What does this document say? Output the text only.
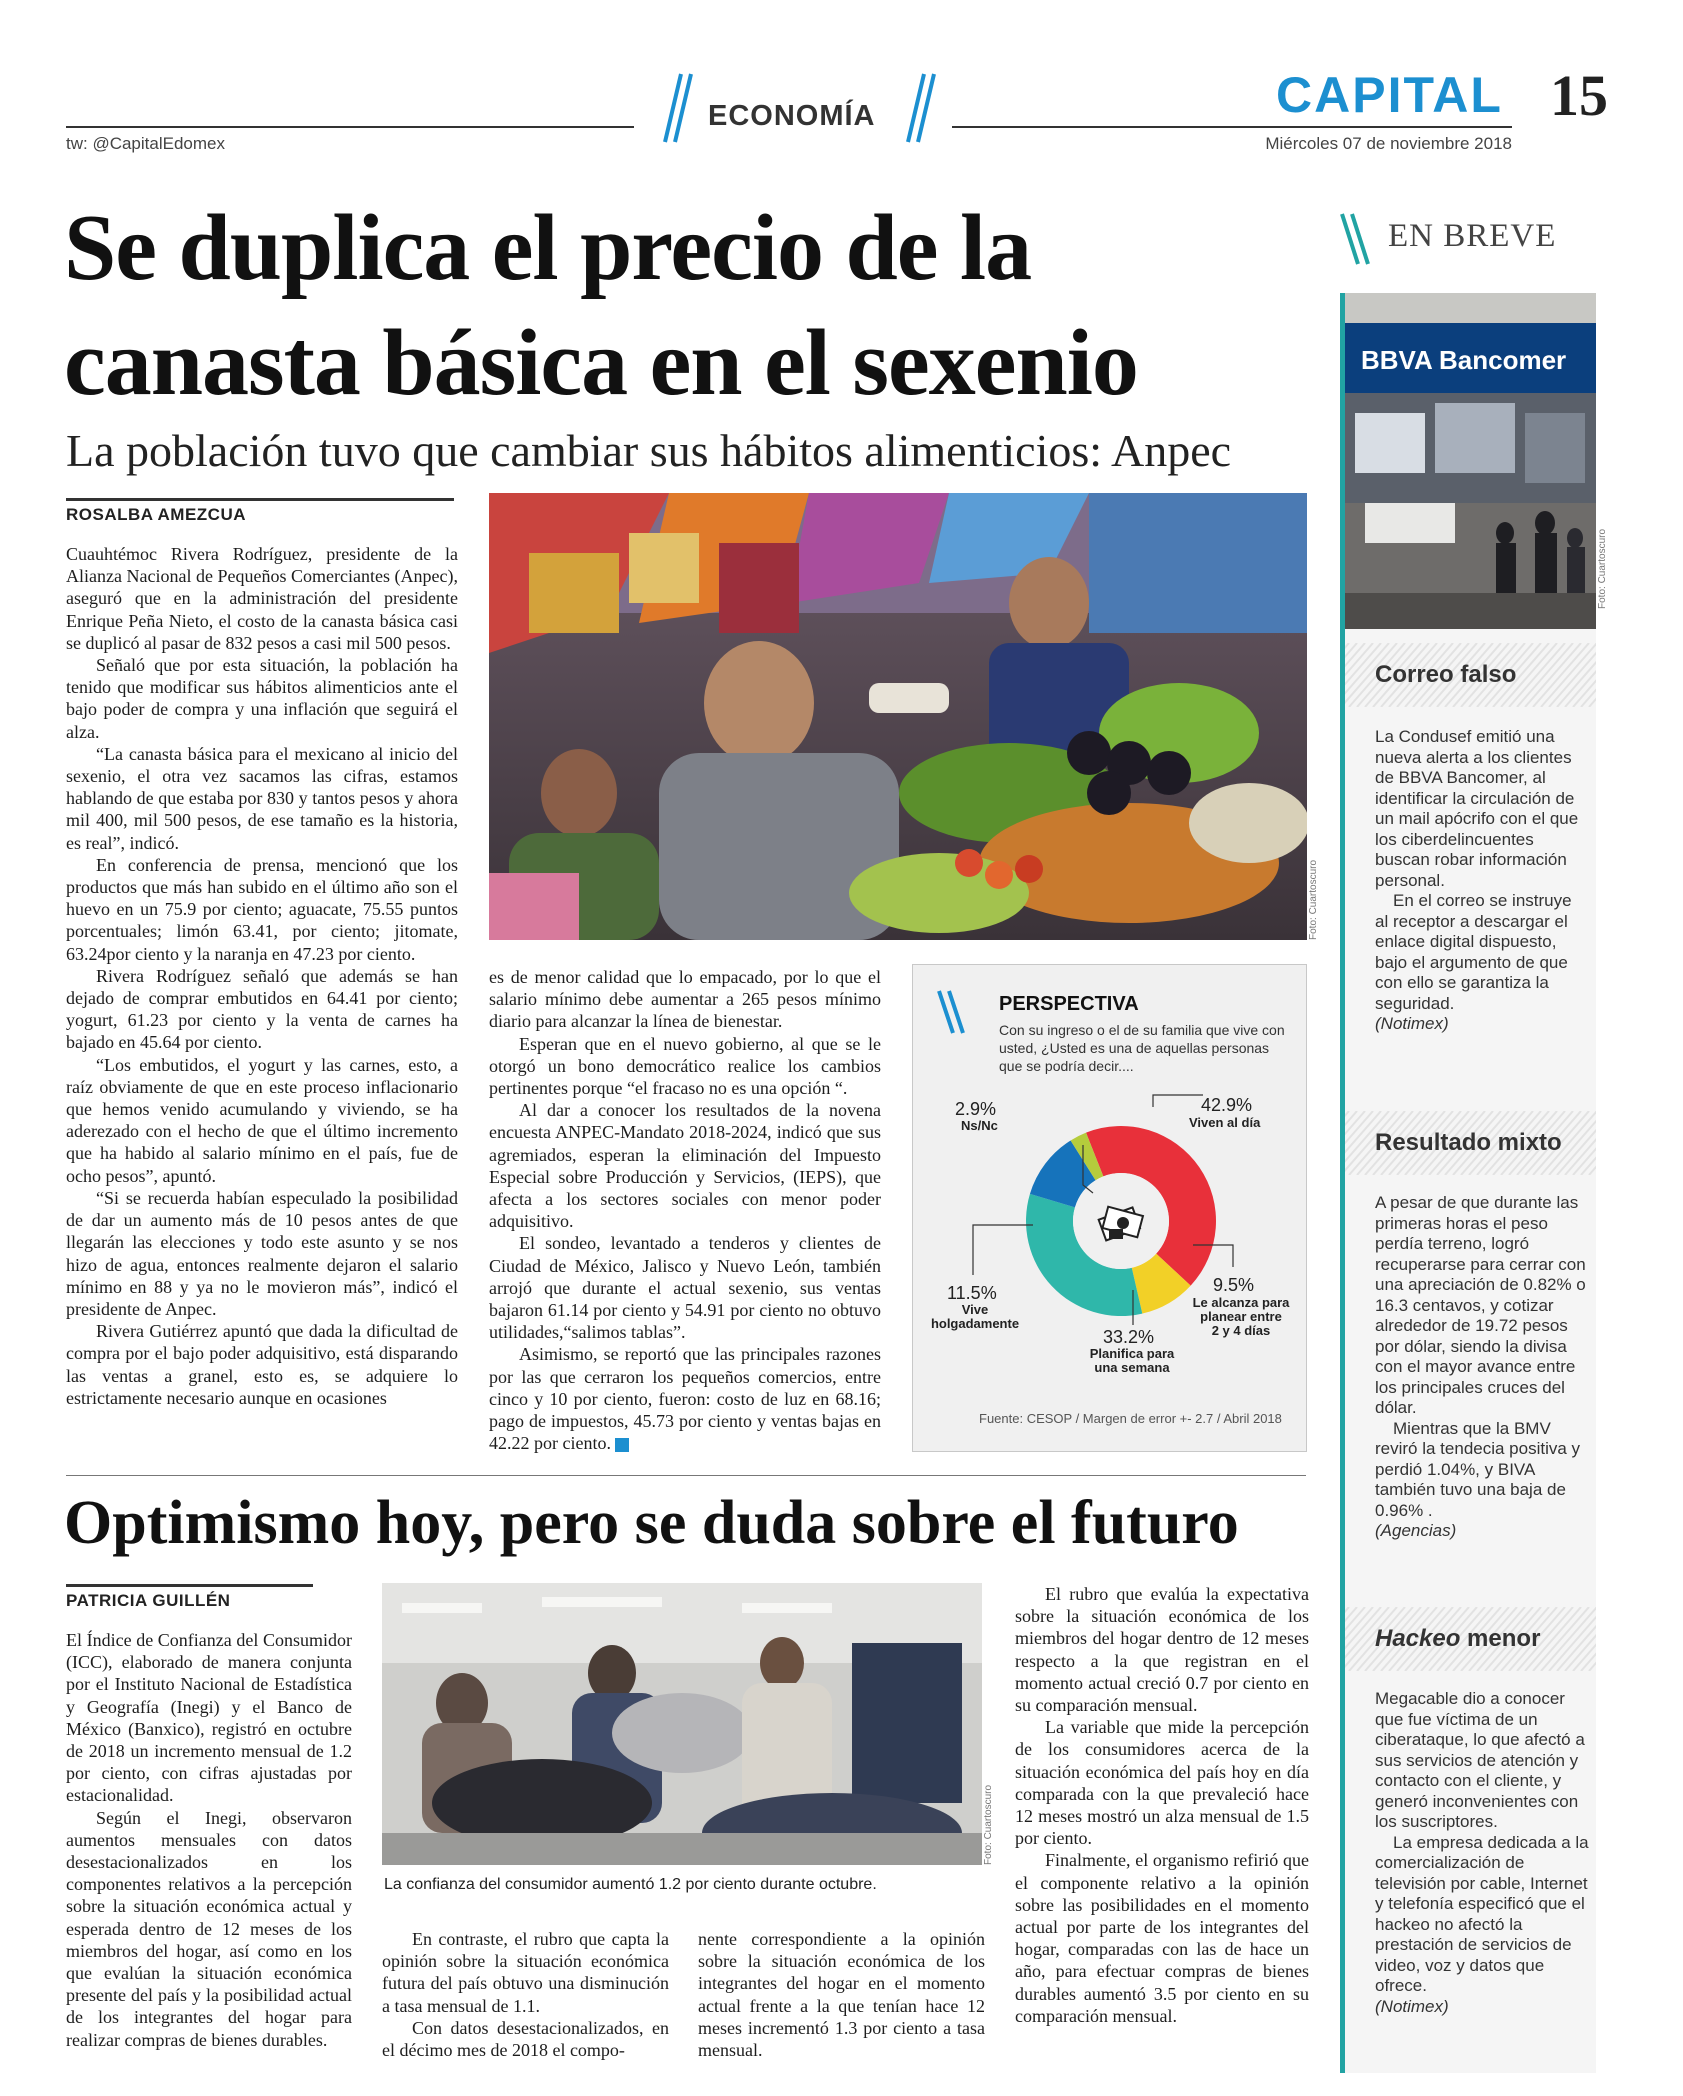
tw: @CapitalEdomex
ECONOMÍA	CAPITAL 15
Miércoles 07 de noviembre 2018
Se duplica el precio de la
canasta básica en el sexenio
La población tuvo que cambiar sus hábitos alimenticios: Anpec
ROSALBA AMEZCUA

Cuauhtémoc Rivera Rodríguez, presidente de la Alianza Nacional de Pequeños Comerciantes (Anpec), aseguró que en la administración del presidente Enrique Peña Nieto, el costo de la canasta básica casi se duplicó al pasar de 832 pesos a casi mil 500 pesos.

Señaló que por esta situación, la población ha tenido que modificar sus hábitos alimenticios ante el bajo poder de compra y una inflación que seguirá el alza.

“La canasta básica para el mexicano al inicio del sexenio, el otra vez sacamos las cifras, estamos hablando de que estaba por 830 y tantos pesos y ahora mil 400, mil 500 pesos, de ese tamaño es la historia, es real”, indicó.

En conferencia de prensa, mencionó que los productos que más han subido en el último año son el huevo en un 75.9 por ciento; aguacate, 75.55 puntos porcentuales; limón 63.41, por ciento; jitomate, 63.24por ciento y la naranja en 47.23 por ciento.

Rivera Rodríguez señaló que además se han dejado de comprar embutidos en 64.41 por ciento; yogurt, 61.23 por ciento y la venta de carnes ha bajado en 45.64 por ciento.

“Los embutidos, el yogurt y las carnes, esto, a raíz obviamente de que en este proceso inflacionario que hemos venido acumulando y viviendo, se ha aderezado con el hecho de que el último incremento que ha habido al salario mínimo en el país, fue de ocho pesos”, apuntó.

“Si se recuerda habían especulado la posibilidad de dar un aumento más de 10 pesos antes de que llegarán las elecciones y todo este asunto y se nos hizo de agua, entonces realmente dejaron el salario mínimo en 88 y ya no le movieron más”, indicó el presidente de Anpec.

Rivera Gutiérrez apuntó que dada la dificultad de compra por el bajo poder adquisitivo, está disparando las ventas a granel, esto es, se adquiere lo estrictamente necesario aunque en ocasiones

Foto: Cuartoscuro

es de menor calidad que lo empacado, por lo que el salario mínimo debe aumentar a 265 pesos mínimo diario para alcanzar la línea de bienestar.

Esperan que en el nuevo gobierno, al que se le otorgó un bono democrático realice los cambios pertinentes porque “el fracaso no es una opción “.

Al dar a conocer los resultados de la novena encuesta ANPEC-Mandato 2018-2024, indicó que sus agremiados, esperan la eliminación del Impuesto Especial sobre Producción y Servicios, (IEPS), que afecta a los sectores sociales con menor poder adquisitivo.

El sondeo, levantado a tenderos y clientes de Ciudad de México, Jalisco y Nuevo León, también arrojó que durante el actual sexenio, sus ventas bajaron 61.14 por ciento y 54.91 por ciento no obtuvo utilidades,“salimos tablas”.

Asimismo, se reportó que las principales razones por las que cerraron los pequeños comercios, entre cinco y 10 por ciento, fueron: costo de luz en 68.16; pago de impuestos, 45.73 por ciento y ventas bajas en 42.22 por ciento.	C

PERSPECTIVA
Con su ingreso o el de su familia que vive con usted, ¿Usted es una de aquellas personas que se podría decir....
2.9%
Ns/Nc
42.9%
Viven al día
9.5%
Le alcanza para
planear entre
2 y 4 días
33.2%
Planifica para
una semana
11.5%
Vive
holgadamente
Fuente: CESOP / Margen de error +- 2.7 / Abril 2018
Optimismo hoy, pero se duda sobre el futuro
PATRICIA GUILLÉN

El Índice de Confianza del Consumidor (ICC), elaborado de manera conjunta por el Instituto Nacional de Estadística y Geografía (Inegi) y el Banco de México (Banxico), registró en octubre de 2018 un incremento mensual de 1.2 por ciento, con cifras ajustadas por estacionalidad.

Según el Inegi, observaron aumentos mensuales con datos desestacionalizados en los componentes relativos a la percepción sobre la situación económica actual y esperada dentro de 12 meses de los miembros del hogar, así como en los que evalúan la situación económica presente del país y la posibilidad actual de los integrantes del hogar para realizar compras de bienes durables.

Foto: Cuartoscuro
La confianza del consumidor aumentó 1.2 por ciento durante octubre.

En contraste, el rubro que capta la opinión sobre la situación económica futura del país obtuvo una disminución a tasa mensual de 1.1.

Con datos desestacionalizados, en el décimo mes de 2018 el compo-

nente correspondiente a la opinión sobre la situación económica de los integrantes del hogar en el momento actual frente a la que tenían hace 12 meses incrementó 1.3 por ciento a tasa mensual.

El rubro que evalúa la expectativa sobre la situación económica de los miembros del hogar dentro de 12 meses respecto a la que registran en el momento actual creció 0.7 por ciento en su comparación mensual.

La variable que mide la percepción de los consumidores acerca de la situación económica del país hoy en día comparada con la que prevaleció hace 12 meses mostró un alza mensual de 1.5 por ciento.

Finalmente, el organismo refirió que el componente relativo a la opinión sobre las posibilidades en el momento actual por parte de los integrantes del hogar, comparadas con las de hace un año, para efectuar compras de bienes durables aumentó 3.5 por ciento en su comparación mensual.

EN BREVE
BBVA Bancomer
Foto: Cuartoscuro
Correo falso

La Condusef emitió una nueva alerta a los clientes de BBVA Bancomer, al identificar la circulación de un mail apócrifo con el que los ciberdelincuentes buscan robar información personal.

En el correo se instruye al receptor a descargar el enlace digital dispuesto, bajo el argumento de que con ello se garantiza la seguridad.

(Notimex)

Resultado mixto

A pesar de que durante las primeras horas el peso perdía terreno, logró recuperarse para cerrar con una apreciación de 0.82% o 16.3 centavos, y cotizar alrededor de 19.72 pesos por dólar, siendo la divisa con el mayor avance entre los principales cruces del dólar.

Mientras que la BMV reviró la tendecia positiva y perdió 1.04%, y BIVA también tuvo una baja de 0.96% .

(Agencias)

Hackeo menor

Megacable dio a conocer que fue víctima de un ciberataque, lo que afectó a sus servicios de atención y contacto con el cliente, y generó inconvenientes con los suscriptores.

La empresa dedicada a la comercialización de televisión por cable, Internet y telefonía especificó que el hackeo no afectó la prestación de servicios de video, voz y datos que ofrece.

(Notimex)
